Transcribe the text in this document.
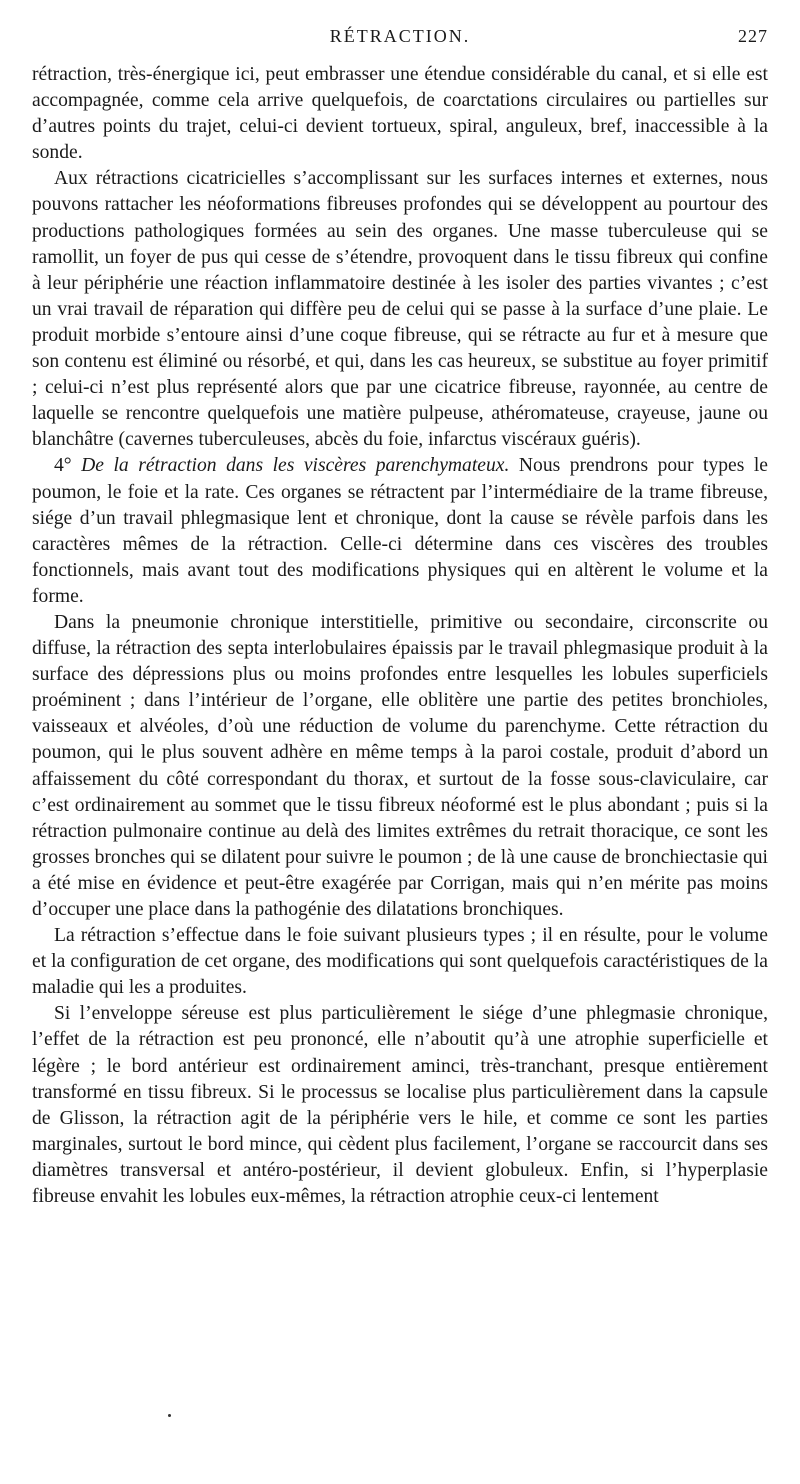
RÉTRACTION.	227

rétraction, très-énergique ici, peut embrasser une étendue considérable du canal, et si elle est accompagnée, comme cela arrive quelquefois, de coarctations circulaires ou partielles sur d’autres points du trajet, celui-ci devient tortueux, spiral, anguleux, bref, inaccessible à la sonde.

Aux rétractions cicatricielles s’accomplissant sur les surfaces internes et externes, nous pouvons rattacher les néoformations fibreuses profondes qui se développent au pourtour des productions pathologiques formées au sein des organes. Une masse tuberculeuse qui se ramollit, un foyer de pus qui cesse de s’étendre, provoquent dans le tissu fibreux qui confine à leur périphérie une réaction inflammatoire destinée à les isoler des parties vivantes ; c’est un vrai travail de réparation qui diffère peu de celui qui se passe à la surface d’une plaie. Le produit morbide s’entoure ainsi d’une coque fibreuse, qui se rétracte au fur et à mesure que son contenu est éliminé ou résorbé, et qui, dans les cas heureux, se substitue au foyer primitif ; celui-ci n’est plus représenté alors que par une cicatrice fibreuse, rayonnée, au centre de laquelle se rencontre quelquefois une matière pulpeuse, athéromateuse, crayeuse, jaune ou blanchâtre (cavernes tuberculeuses, abcès du foie, infarctus viscéraux guéris).

4° De la rétraction dans les viscères parenchymateux. Nous prendrons pour types le poumon, le foie et la rate. Ces organes se rétractent par l’intermédiaire de la trame fibreuse, siége d’un travail phlegmasique lent et chronique, dont la cause se révèle parfois dans les caractères mêmes de la rétraction. Celle-ci détermine dans ces viscères des troubles fonctionnels, mais avant tout des modifications physiques qui en altèrent le volume et la forme.

Dans la pneumonie chronique interstitielle, primitive ou secondaire, circonscrite ou diffuse, la rétraction des septa interlobulaires épaissis par le travail phlegmasique produit à la surface des dépressions plus ou moins profondes entre lesquelles les lobules superficiels proéminent ; dans l’intérieur de l’organe, elle oblitère une partie des petites bronchioles, vaisseaux et alvéoles, d’où une réduction de volume du parenchyme. Cette rétraction du poumon, qui le plus souvent adhère en même temps à la paroi costale, produit d’abord un affaissement du côté correspondant du thorax, et surtout de la fosse sous-claviculaire, car c’est ordinairement au sommet que le tissu fibreux néoformé est le plus abondant ; puis si la rétraction pulmonaire continue au delà des limites extrêmes du retrait thoracique, ce sont les grosses bronches qui se dilatent pour suivre le poumon ; de là une cause de bronchiectasie qui a été mise en évidence et peut-être exagérée par Corrigan, mais qui n’en mérite pas moins d’occuper une place dans la pathogénie des dilatations bronchiques.

La rétraction s’effectue dans le foie suivant plusieurs types ; il en résulte, pour le volume et la configuration de cet organe, des modifications qui sont quelquefois caractéristiques de la maladie qui les a produites.

Si l’enveloppe séreuse est plus particulièrement le siége d’une phlegmasie chronique, l’effet de la rétraction est peu prononcé, elle n’aboutit qu’à une atrophie superficielle et légère ; le bord antérieur est ordinairement aminci, très-tranchant, presque entièrement transformé en tissu fibreux. Si le processus se localise plus particulièrement dans la capsule de Glisson, la rétraction agit de la périphérie vers le hile, et comme ce sont les parties marginales, surtout le bord mince, qui cèdent plus facilement, l’organe se raccourcit dans ses diamètres transversal et antéro-postérieur, il devient globuleux. Enfin, si l’hyperplasie fibreuse envahit les lobules eux-mêmes, la rétraction atrophie ceux-ci lentement
